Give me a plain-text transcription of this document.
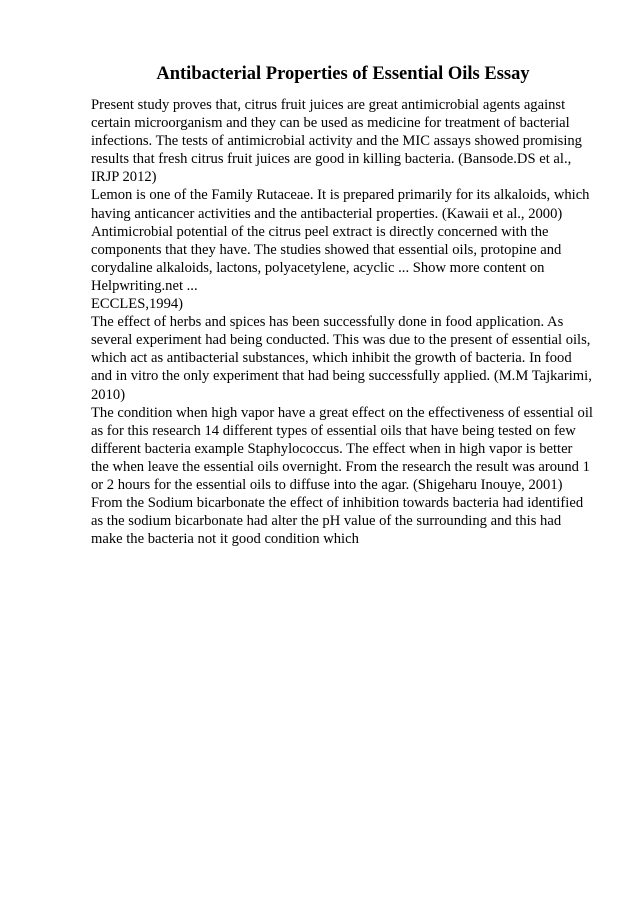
Antibacterial Properties of Essential Oils Essay
Present study proves that, citrus fruit juices are great antimicrobial agents against
certain microorganism and they can be used as medicine for treatment of bacterial
infections. The tests of antimicrobial activity and the MIC assays showed promising
results that fresh citrus fruit juices are good in killing bacteria. (Bansode.DS et al.,
IRJP 2012)
Lemon is one of the Family Rutaceae. It is prepared primarily for its alkaloids, which
having anticancer activities and the antibacterial properties. (Kawaii et al., 2000)
Antimicrobial potential of the citrus peel extract is directly concerned with the
components that they have. The studies showed that essential oils, protopine and
corydaline alkaloids, lactons, polyacetylene, acyclic ... Show more content on
Helpwriting.net ...
ECCLES,1994)
The effect of herbs and spices has been successfully done in food application. As
several experiment had being conducted. This was due to the present of essential oils,
which act as antibacterial substances, which inhibit the growth of bacteria. In food
and in vitro the only experiment that had being successfully applied. (M.M Tajkarimi,
2010)
The condition when high vapor have a great effect on the effectiveness of essential oil
as for this research 14 different types of essential oils that have being tested on few
different bacteria example Staphylococcus. The effect when in high vapor is better
the when leave the essential oils overnight. From the research the result was around 1
or 2 hours for the essential oils to diffuse into the agar. (Shigeharu Inouye, 2001)
From the Sodium bicarbonate the effect of inhibition towards bacteria had identified
as the sodium bicarbonate had alter the pH value of the surrounding and this had
make the bacteria not it good condition which
